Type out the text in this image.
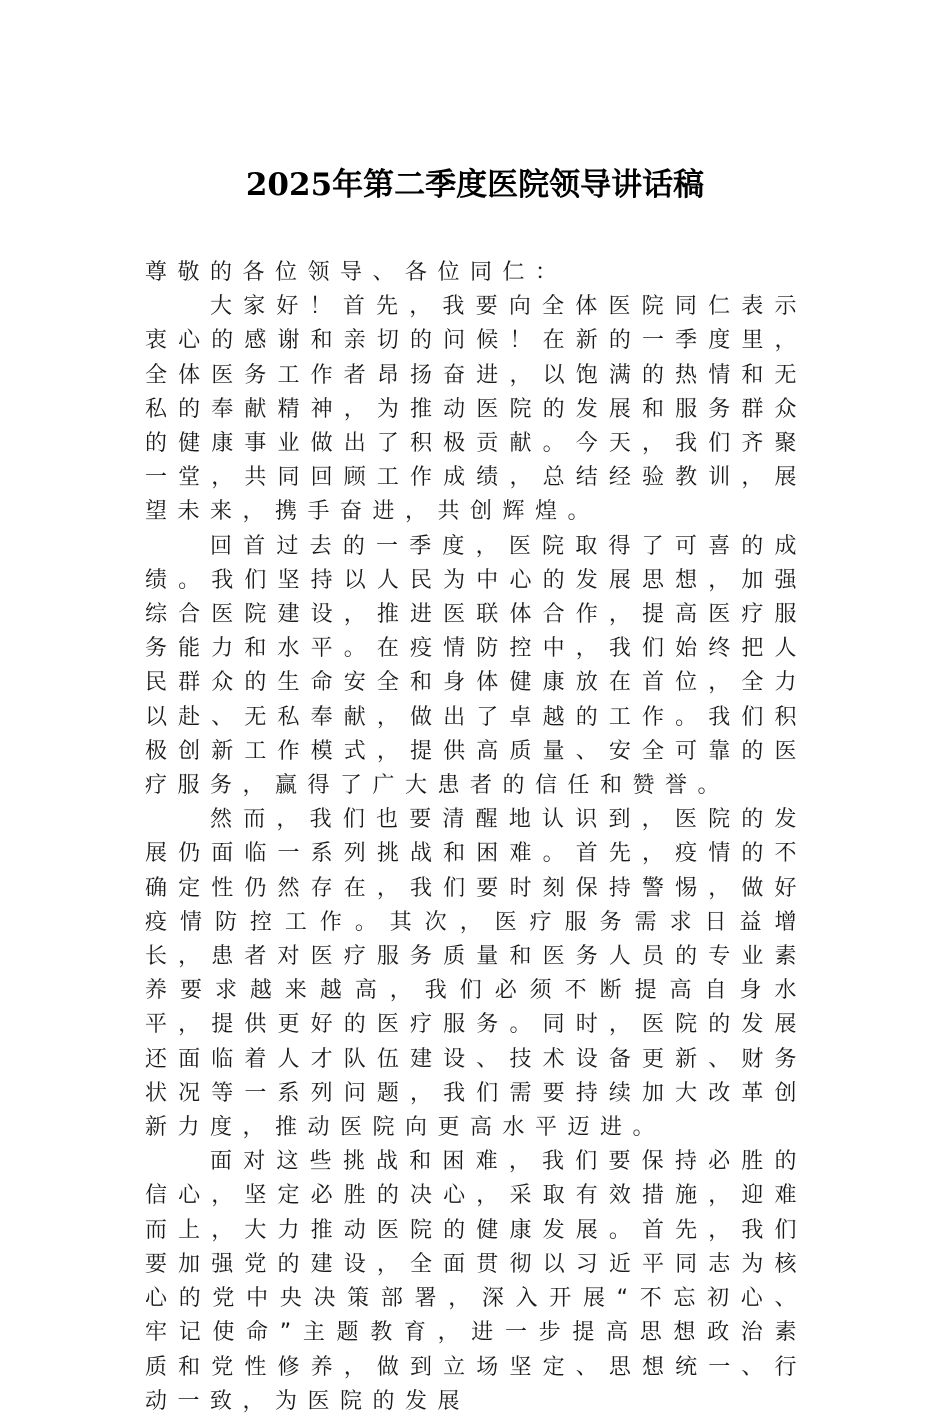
2025年第二季度医院领导讲话稿

尊敬的各位领导、各位同仁：

大家好！首先，我要向全体医院同仁表示衷心的感谢和亲切的问候！在新的一季度里，全体医务工作者昂扬奋进，以饱满的热情和无私的奉献精神，为推动医院的发展和服务群众的健康事业做出了积极贡献。今天，我们齐聚一堂，共同回顾工作成绩，总结经验教训，展望未来，携手奋进，共创辉煌。

回首过去的一季度，医院取得了可喜的成绩。我们坚持以人民为中心的发展思想，加强综合医院建设，推进医联体合作，提高医疗服务能力和水平。在疫情防控中，我们始终把人民群众的生命安全和身体健康放在首位，全力以赴、无私奉献，做出了卓越的工作。我们积极创新工作模式，提供高质量、安全可靠的医疗服务，赢得了广大患者的信任和赞誉。

然而，我们也要清醒地认识到，医院的发展仍面临一系列挑战和困难。首先，疫情的不确定性仍然存在，我们要时刻保持警惕，做好疫情防控工作。其次，医疗服务需求日益增长，患者对医疗服务质量和医务人员的专业素养要求越来越高，我们必须不断提高自身水平，提供更好的医疗服务。同时，医院的发展还面临着人才队伍建设、技术设备更新、财务状况等一系列问题，我们需要持续加大改革创新力度，推动医院向更高水平迈进。

面对这些挑战和困难，我们要保持必胜的信心，坚定必胜的决心，采取有效措施，迎难而上，大力推动医院的健康发展。首先，我们要加强党的建设，全面贯彻以习近平同志为核心的党中央决策部署，深入开展“不忘初心、牢记使命”主题教育，进一步提高思想政治素质和党性修养，做到立场坚定、思想统一、行动一致，为医院的发展
